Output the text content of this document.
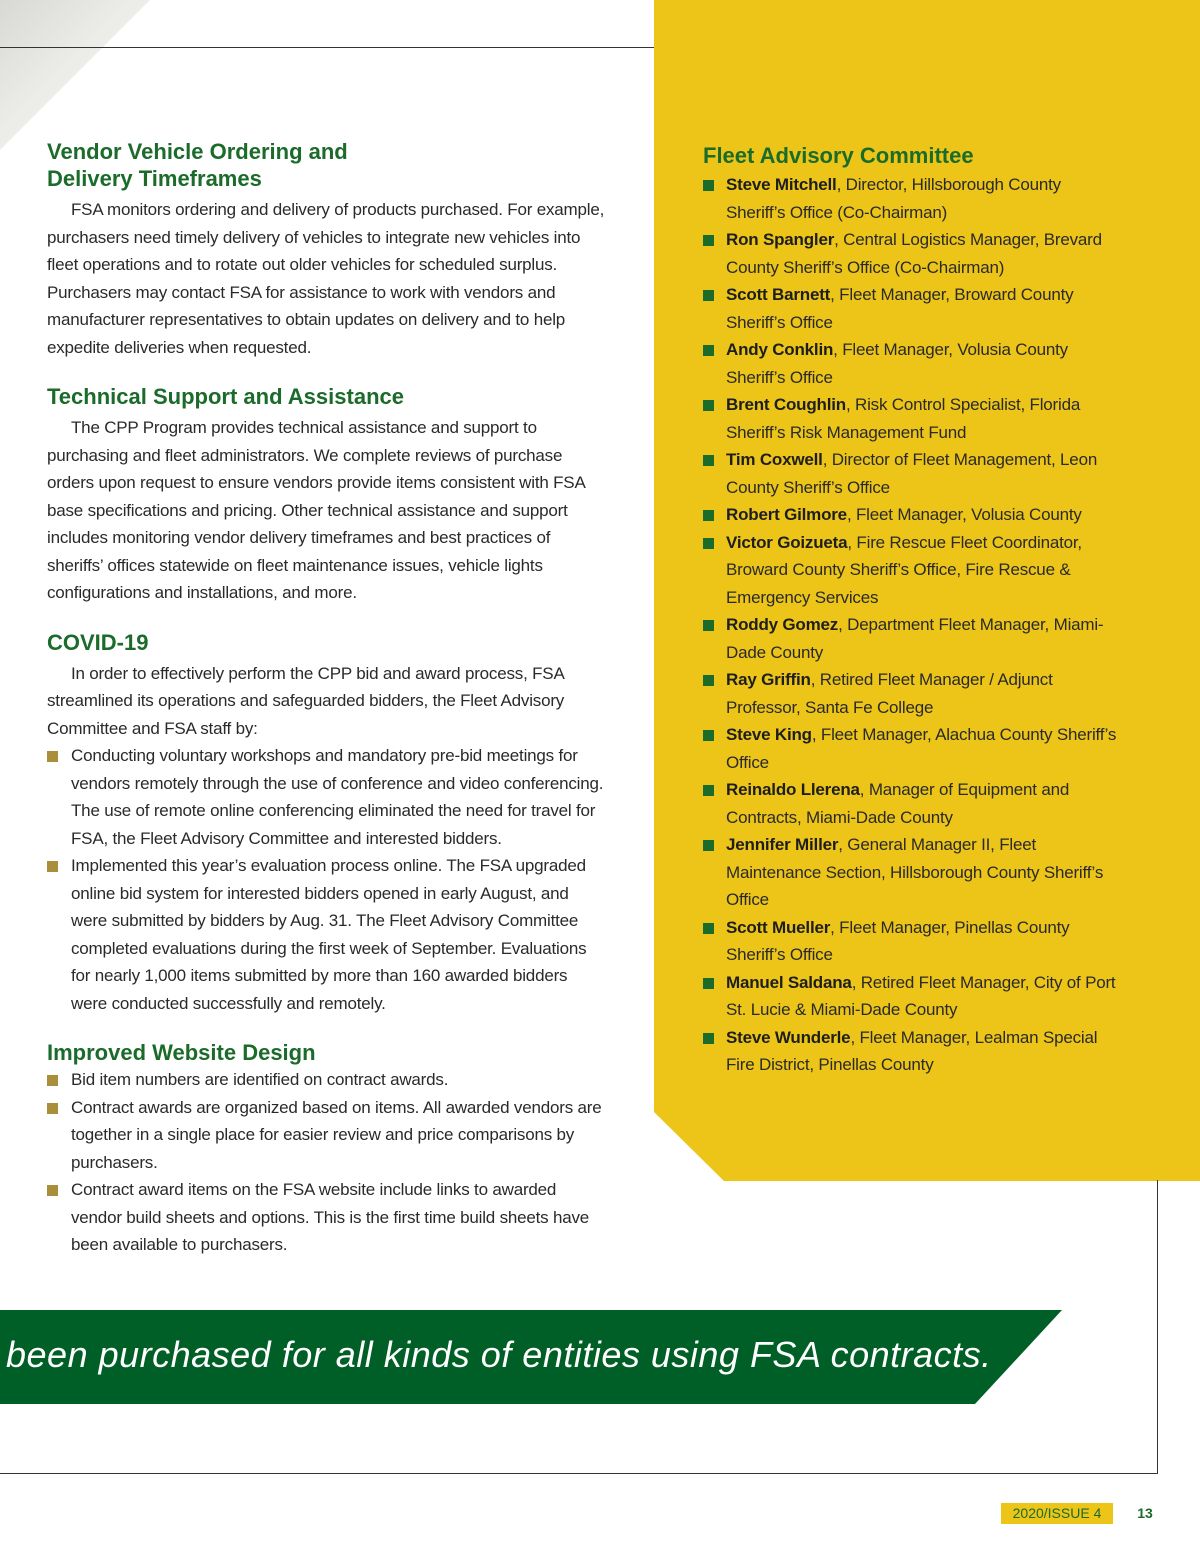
Vendor Vehicle Ordering and
Delivery Timeframes

FSA monitors ordering and delivery of products purchased. For example, purchasers need timely delivery of vehicles to integrate new vehicles into fleet operations and to rotate out older vehicles for scheduled surplus. Purchasers may contact FSA for assistance to work with vendors and manufacturer representatives to obtain updates on delivery and to help expedite deliveries when requested.

Technical Support and Assistance

The CPP Program provides technical assistance and support to purchasing and fleet administrators. We complete reviews of purchase orders upon request to ensure vendors provide items consistent with FSA base specifications and pricing. Other technical assistance and support includes monitoring vendor delivery timeframes and best practices of sheriffs’ offices statewide on fleet maintenance issues, vehicle lights configurations and installations, and more.

COVID-19

In order to effectively perform the CPP bid and award process, FSA streamlined its operations and safeguarded bidders, the Fleet Advisory Committee and FSA staff by:

Conducting voluntary workshops and mandatory pre-bid meetings for vendors remotely through the use of conference and video conferencing. The use of remote online conferencing eliminated the need for travel for FSA, the Fleet Advisory Committee and interested bidders.
Implemented this year’s evaluation process online. The FSA upgraded online bid system for interested bidders opened in early August, and were submitted by bidders by Aug. 31. The Fleet Advisory Committee completed evaluations during the first week of September. Evaluations for nearly 1,000 items submitted by more than 160 awarded bidders were conducted successfully and remotely.
Improved Website Design
Bid item numbers are identified on contract awards.
Contract awards are organized based on items. All awarded vendors are together in a single place for easier review and price comparisons by purchasers.
Contract award items on the FSA website include links to awarded vendor build sheets and options. This is the first time build sheets have been available to purchasers.
Fleet Advisory Committee
Steve Mitchell, Director, Hillsborough County Sheriff’s Office (Co-Chairman)
Ron Spangler, Central Logistics Manager, Brevard County Sheriff’s Office (Co-Chairman)
Scott Barnett, Fleet Manager, Broward County Sheriff’s Office
Andy Conklin, Fleet Manager, Volusia County Sheriff’s Office
Brent Coughlin, Risk Control Specialist, Florida Sheriff’s Risk Management Fund
Tim Coxwell, Director of Fleet Management, Leon County Sheriff’s Office
Robert Gilmore, Fleet Manager, Volusia County
Victor Goizueta, Fire Rescue Fleet Coordinator, Broward County Sheriff’s Office, Fire Rescue & Emergency Services
Roddy Gomez, Department Fleet Manager, Miami-Dade County
Ray Griffin, Retired Fleet Manager / Adjunct Professor, Santa Fe College
Steve King, Fleet Manager, Alachua County Sheriff’s Office
Reinaldo Llerena, Manager of Equipment and Contracts, Miami-Dade County
Jennifer Miller, General Manager II, Fleet Maintenance Section, Hillsborough County Sheriff’s Office
Scott Mueller, Fleet Manager, Pinellas County Sheriff’s Office
Manuel Saldana, Retired Fleet Manager, City of Port St. Lucie & Miami-Dade County
Steve Wunderle, Fleet Manager, Lealman Special Fire District, Pinellas County
been purchased for all kinds of entities using FSA contracts.
2020/ISSUE 4	13
